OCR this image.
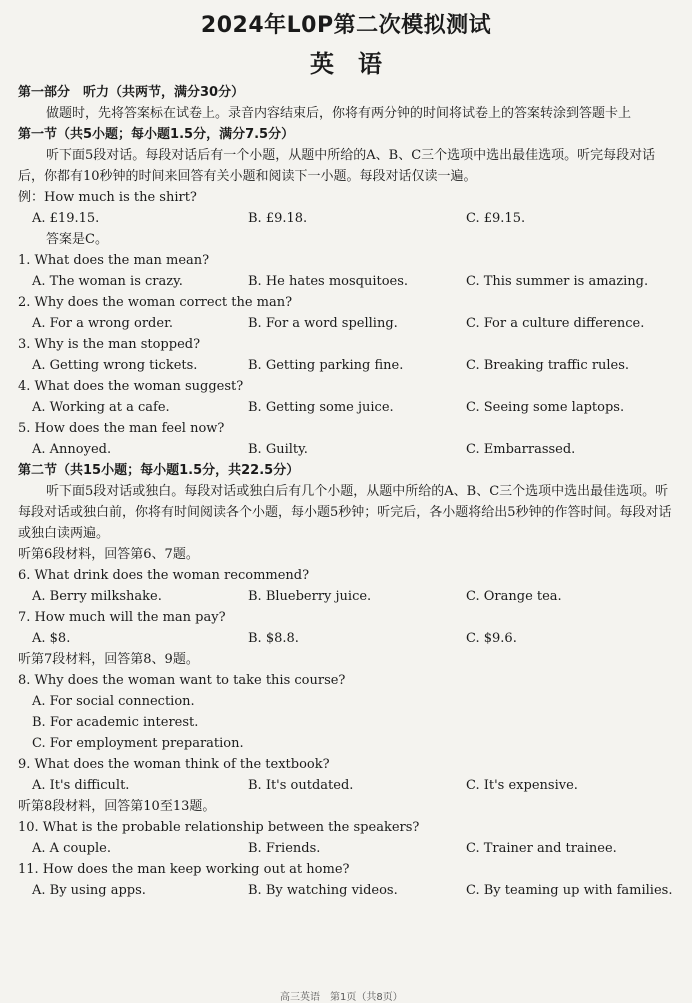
2024年L0P第二次模拟测试
英　语
第一部分　听力（共两节，满分30分）
做题时，先将答案标在试卷上。录音内容结束后，你将有两分钟的时间将试卷上的答案转涂到答题卡上
第一节（共5小题；每小题1.5分，满分7.5分）
听下面5段对话。每段对话后有一个小题，从题中所给的A、B、C三个选项中选出最佳选项。听完每段对话后，你都有10秒钟的时间来回答有关小题和阅读下一小题。每段对话仅读一遍。
例：How much is the shirt?
A. £19.15.	B. £9.18.	C. £9.15.
答案是C。
1. What does the man mean?
A. The woman is crazy.	B. He hates mosquitoes.	C. This summer is amazing.
2. Why does the woman correct the man?
A. For a wrong order.	B. For a word spelling.	C. For a culture difference.
3. Why is the man stopped?
A. Getting wrong tickets.	B. Getting parking fine.	C. Breaking traffic rules.
4. What does the woman suggest?
A. Working at a cafe.	B. Getting some juice.	C. Seeing some laptops.
5. How does the man feel now?
A. Annoyed.	B. Guilty.	C. Embarrassed.
第二节（共15小题；每小题1.5分，共22.5分）
听下面5段对话或独白。每段对话或独白后有几个小题，从题中所给的A、B、C三个选项中选出最佳选项。听每段对话或独白前，你将有时间阅读各个小题，每小题5秒钟；听完后，各小题将给出5秒钟的作答时间。每段对话或独白读两遍。
听第6段材料，回答第6、7题。
6. What drink does the woman recommend?
A. Berry milkshake.	B. Blueberry juice.	C. Orange tea.
7. How much will the man pay?
A. $8.	B. $8.8.	C. $9.6.
听第7段材料，回答第8、9题。
8. Why does the woman want to take this course?
A. For social connection.
B. For academic interest.
C. For employment preparation.
9. What does the woman think of the textbook?
A. It's difficult.	B. It's outdated.	C. It's expensive.
听第8段材料，回答第10至13题。
10. What is the probable relationship between the speakers?
A. A couple.	B. Friends.	C. Trainer and trainee.
11. How does the man keep working out at home?
A. By using apps.	B. By watching videos.	C. By teaming up with families.
高三英语　第1页（共8页）
